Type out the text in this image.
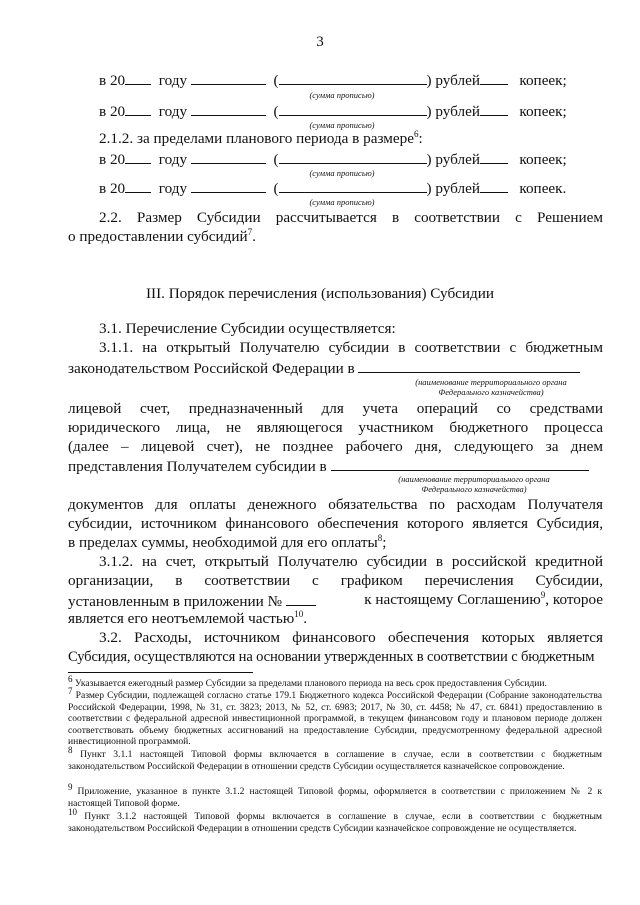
3
в 20 году	(	) рублей	копеек;
(сумма прописью)
в 20 году	(	) рублей	копеек;
(сумма прописью)
2.1.2. за пределами планового периода в размере$^6$:
в 20 году	(	) рублей	копеек;
(сумма прописью)
в 20 году	(	) рублей	копеек.
(сумма прописью)
2.2. Размер Субсидии рассчитывается в соответствии с Решением
о предоставлении субсидий$^7$.
III. Порядок перечисления (использования) Субсидии
3.1. Перечисление Субсидии осуществляется:
3.1.1. на открытый Получателю субсидии в соответствии с бюджетным
законодательством Российской Федерации в
(наименование территориального органа
Федерального казначейства)
лицевой счет, предназначенный для учета операций со средствами
юридического лица, не являющегося участником бюджетного процесса
(далее – лицевой счет), не позднее рабочего дня, следующего за днем
представления Получателем субсидии в
(наименование территориального органа
Федерального казначейства)
документов для оплаты денежного обязательства по расходам Получателя
субсидии, источником финансового обеспечения которого является Субсидия,
в пределах суммы, необходимой для его оплаты$^8$;
3.1.2. на счет, открытый Получателю субсидии в российской кредитной
организации, в соответствии с графиком перечисления Субсидии,
установленным в приложении №	к настоящему Соглашению$^9$, которое
является его неотъемлемой частью$^{10}$.
3.2. Расходы, источником финансового обеспечения которых является
Субсидия, осуществляются на основании утвержденных в соответствии с бюджетным
$^6$ Указывается ежегодный размер Субсидии за пределами планового периода на весь срок предоставления Субсидии.
$^7$ Размер Субсидии, подлежащей согласно статье 179.1 Бюджетного кодекса Российской Федерации (Собрание законодательства Российской Федерации, 1998, № 31, ст. 3823; 2013, № 52, ст. 6983; 2017, № 30, ст. 4458; № 47, ст. 6841) предоставлению в соответствии с федеральной адресной инвестиционной программой, в текущем финансовом году и плановом периоде должен соответствовать объему бюджетных ассигнований на предоставление Субсидии, предусмотренному федеральной адресной инвестиционной программой.
$^8$ Пункт 3.1.1 настоящей Типовой формы включается в соглашение в случае, если в соответствии с бюджетным законодательством Российской Федерации в отношении средств Субсидии осуществляется казначейское сопровождение.
$^9$ Приложение, указанное в пункте 3.1.2 настоящей Типовой формы, оформляется в соответствии с приложением № 2 к настоящей Типовой форме.
$^{10}$ Пункт 3.1.2 настоящей Типовой формы включается в соглашение в случае, если в соответствии с бюджетным законодательством Российской Федерации в отношении средств Субсидии казначейское сопровождение не осуществляется.
